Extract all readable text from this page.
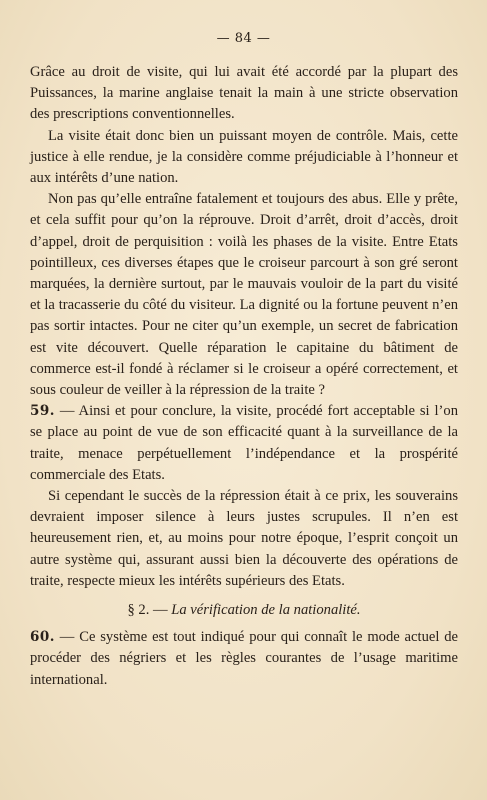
— 84 —

Grâce au droit de visite, qui lui avait été accordé par la plupart des Puissances, la marine anglaise tenait la main à une stricte observation des prescriptions conventionnelles.

La visite était donc bien un puissant moyen de contrôle. Mais, cette justice à elle rendue, je la considère comme préjudiciable à l’honneur et aux intérêts d’une nation.

Non pas qu’elle entraîne fatalement et toujours des abus. Elle y prête, et cela suffit pour qu’on la réprouve. Droit d’arrêt, droit d’accès, droit d’appel, droit de perquisition : voilà les phases de la visite. Entre Etats pointilleux, ces diverses étapes que le croiseur parcourt à son gré seront marquées, la dernière surtout, par le mauvais vouloir de la part du visité et la tracasserie du côté du visiteur. La dignité ou la fortune peuvent n’en pas sortir intactes. Pour ne citer qu’un exemple, un secret de fabrication est vite découvert. Quelle réparation le capitaine du bâtiment de commerce est-il fondé à réclamer si le croiseur a opéré correctement, et sous couleur de veiller à la répression de la traite ?

59. — Ainsi et pour conclure, la visite, procédé fort acceptable si l’on se place au point de vue de son efficacité quant à la surveillance de la traite, menace perpétuellement l’indépendance et la prospérité commerciale des Etats.

Si cependant le succès de la répression était à ce prix, les souverains devraient imposer silence à leurs justes scrupules. Il n’en est heureusement rien, et, au moins pour notre époque, l’esprit conçoit un autre système qui, assurant aussi bien la découverte des opérations de traite, respecte mieux les intérêts supérieurs des Etats.

§ 2. — La vérification de la nationalité.

60. — Ce système est tout indiqué pour qui connaît le mode actuel de procéder des négriers et les règles courantes de l’usage maritime international.
